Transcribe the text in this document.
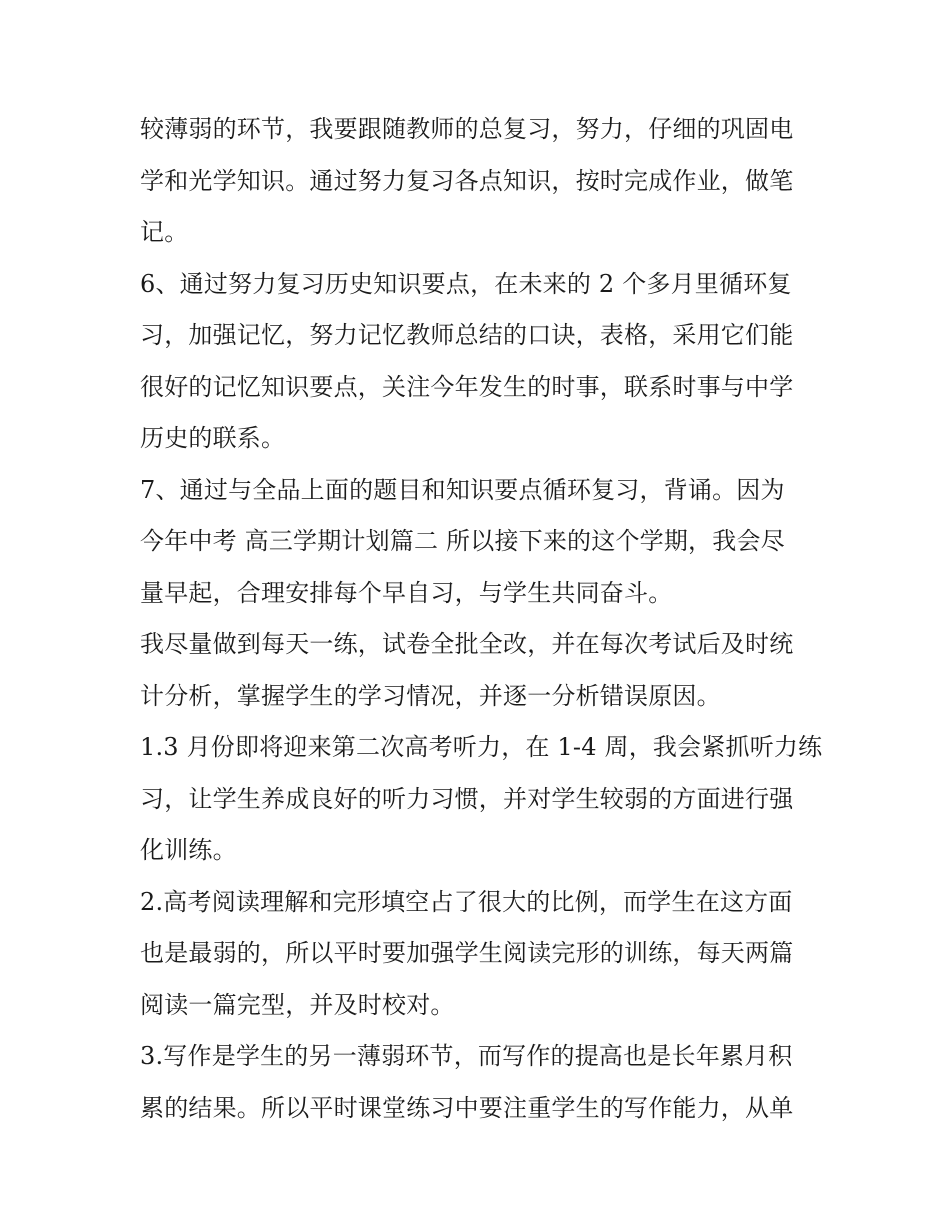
较薄弱的环节，我要跟随教师的总复习，努力，仔细的巩固电
学和光学知识。通过努力复习各点知识，按时完成作业，做笔
记。
6、通过努力复习历史知识要点，在未来的 2 个多月里循环复
习，加强记忆，努力记忆教师总结的口诀，表格，采用它们能
很好的记忆知识要点，关注今年发生的时事，联系时事与中学
历史的联系。
7、通过与全品上面的题目和知识要点循环复习，背诵。因为
今年中考 高三学期计划篇二 所以接下来的这个学期，我会尽
量早起，合理安排每个早自习，与学生共同奋斗。
我尽量做到每天一练，试卷全批全改，并在每次考试后及时统
计分析，掌握学生的学习情况，并逐一分析错误原因。
1.3 月份即将迎来第二次高考听力，在 1-4 周，我会紧抓听力练
习，让学生养成良好的听力习惯，并对学生较弱的方面进行强
化训练。
2.高考阅读理解和完形填空占了很大的比例，而学生在这方面
也是最弱的，所以平时要加强学生阅读完形的训练，每天两篇
阅读一篇完型，并及时校对。
3.写作是学生的另一薄弱环节，而写作的提高也是长年累月积
累的结果。所以平时课堂练习中要注重学生的写作能力，从单
